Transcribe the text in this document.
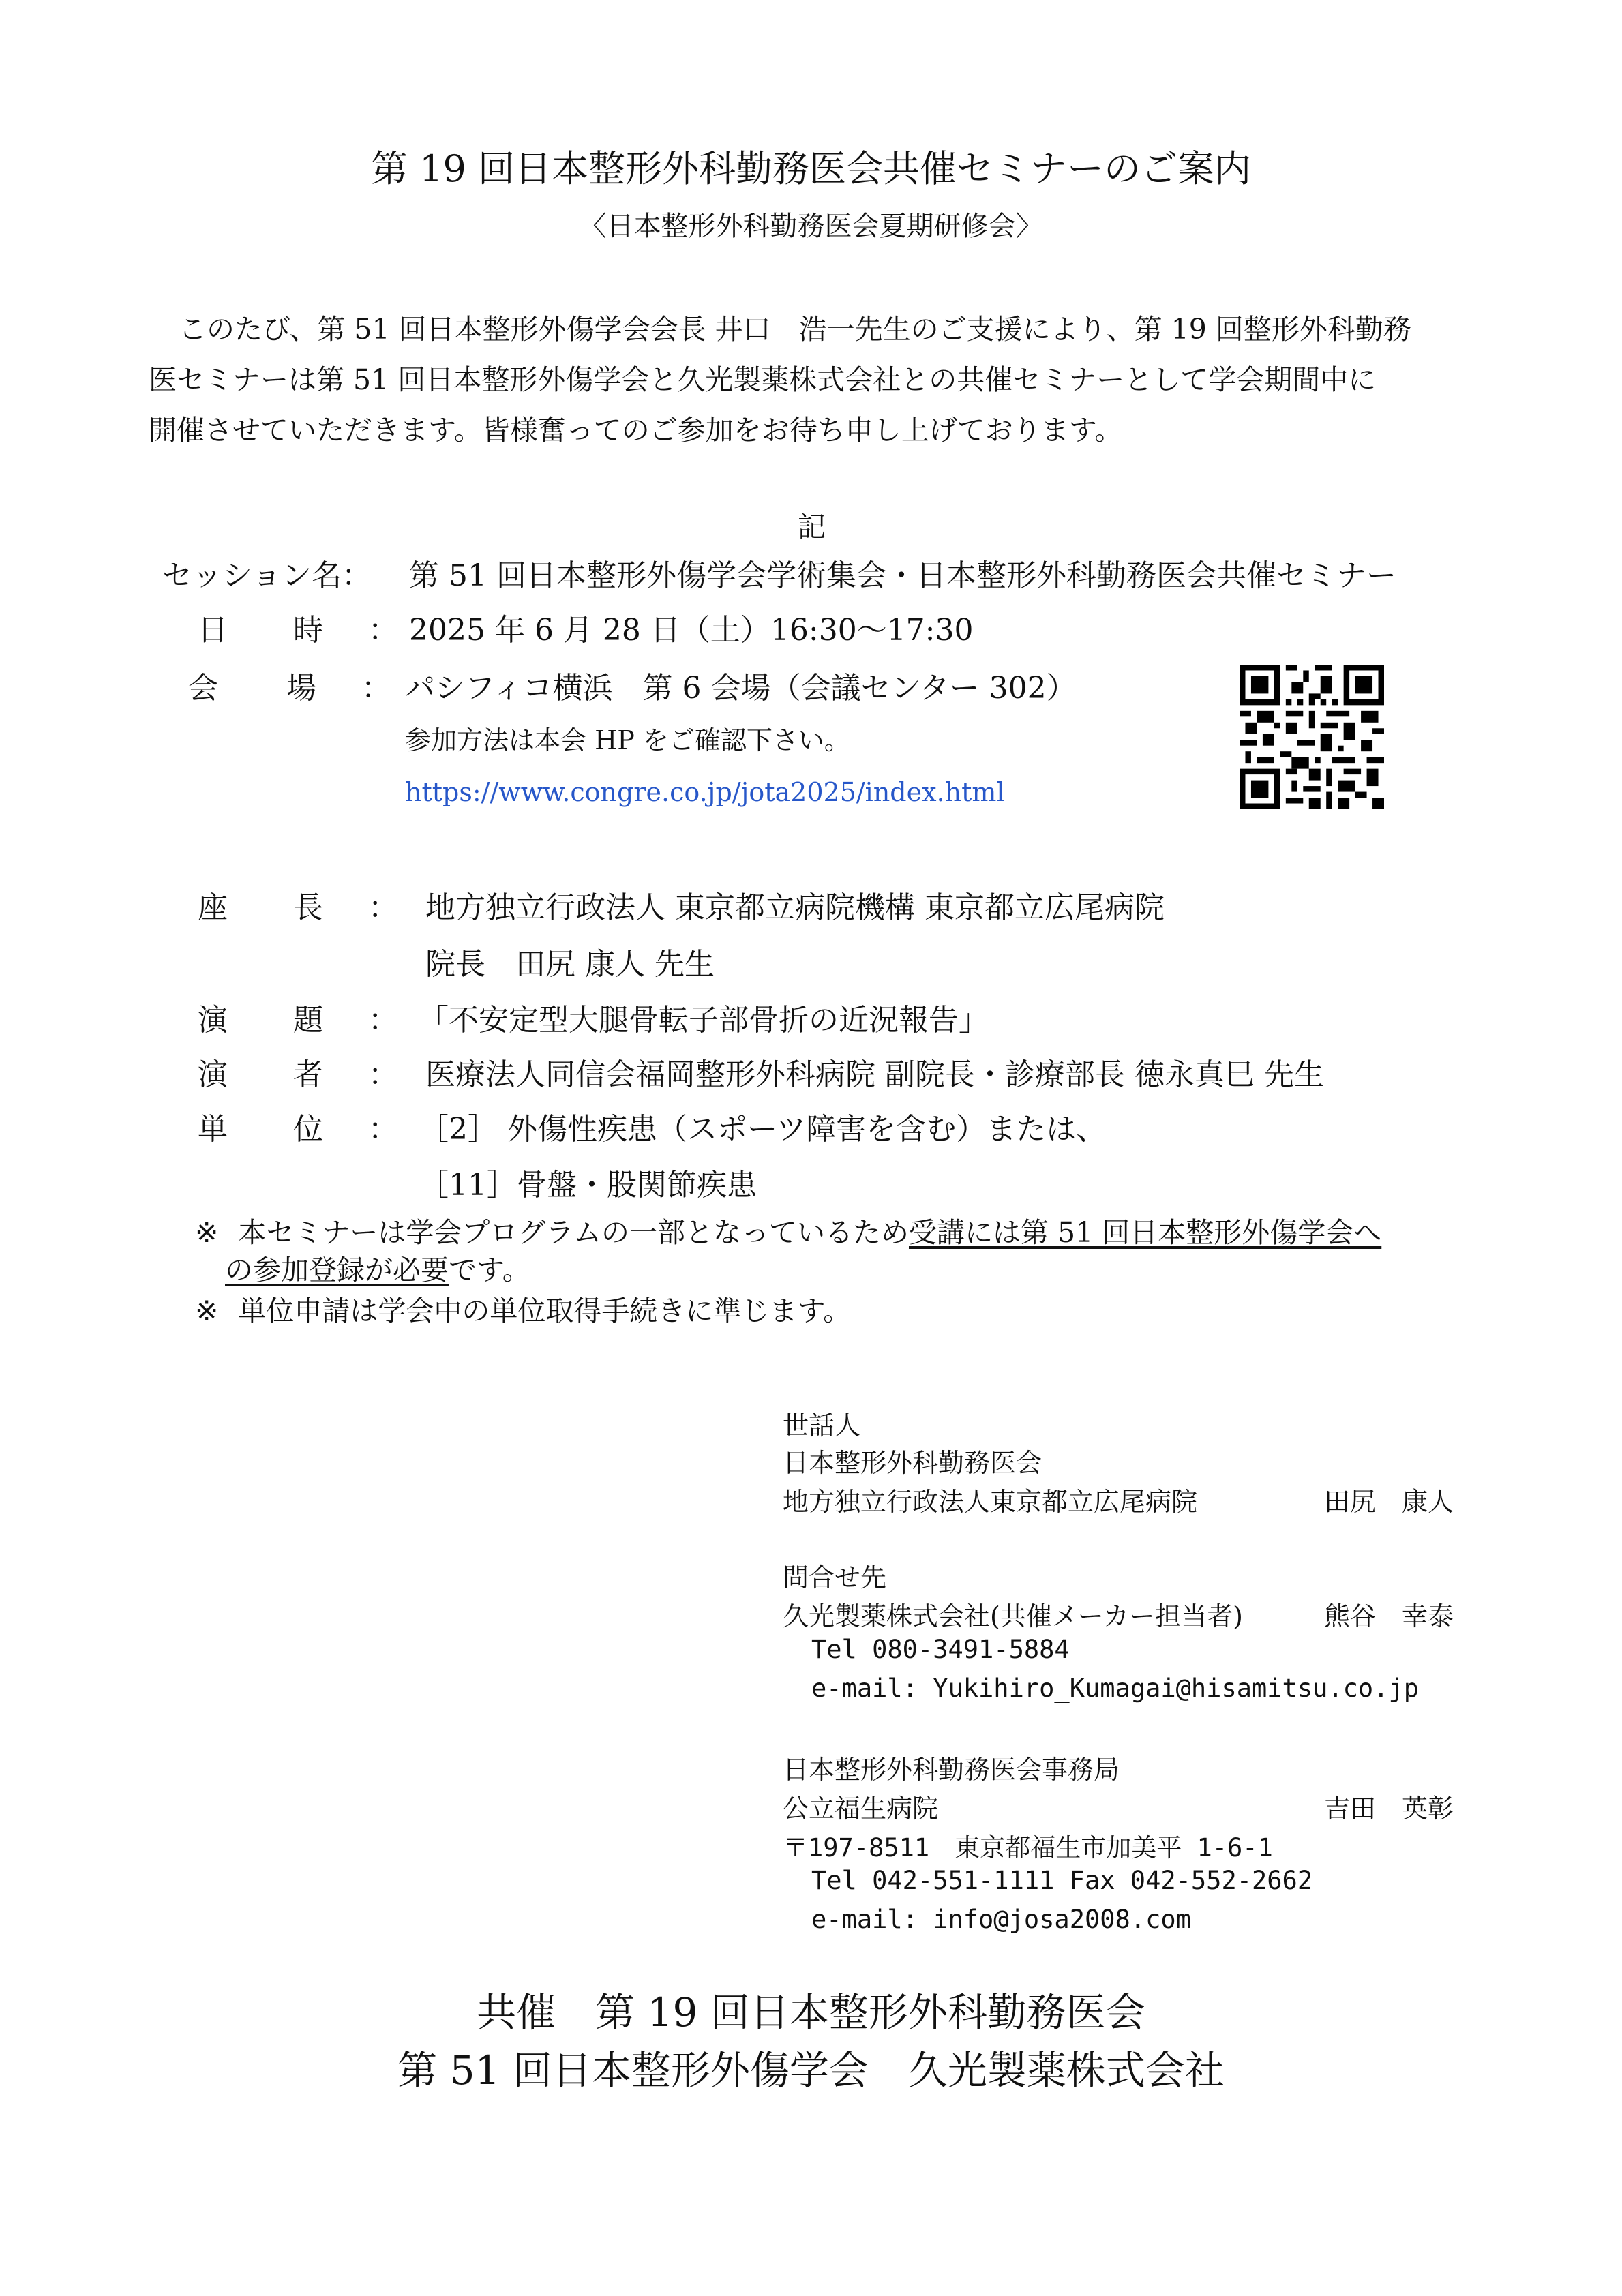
第 19 回日本整形外科勤務医会共催セミナーのご案内
〈日本整形外科勤務医会夏期研修会〉
このたび、第 51 回日本整形外傷学会会長 井口　浩一先生のご支援により、第 19 回整形外科勤務
医セミナーは第 51 回日本整形外傷学会と久光製薬株式会社との共催セミナーとして学会期間中に
開催させていただきます。皆様奮ってのご参加をお待ち申し上げております。
記
セッション名： 第 51 回日本整形外傷学会学術集会・日本整形外科勤務医会共催セミナー
日 時 ： 2025 年 6 月 28 日（土）16:30〜17:30
会 場 ： パシフィコ横浜　第 6 会場（会議センター 302）
参加方法は本会 HP をご確認下さい。
https://www.congre.co.jp/jota2025/index.html
座 長 ： 地方独立行政法人 東京都立病院機構 東京都立広尾病院
院長　田尻 康人 先生
演 題 ： 「不安定型大腿骨転子部骨折の近況報告」
演 者 ： 医療法人同信会福岡整形外科病院 副院長・診療部長 徳永真巳 先生
単 位 ： ［2］ 外傷性疾患（スポーツ障害を含む）または、
［11］骨盤・股関節疾患
※ 本セミナーは学会プログラムの一部となっているため受講には第 51 回日本整形外傷学会へ
の参加登録が必要です。
※ 単位申請は学会中の単位取得手続きに準じます。
世話人
日本整形外科勤務医会
地方独立行政法人東京都立広尾病院	田尻　康人
問合せ先
久光製薬株式会社(共催メーカー担当者)	熊谷　幸泰
Tel 080-3491-5884
e-mail: Yukihiro_Kumagai@hisamitsu.co.jp
日本整形外科勤務医会事務局
公立福生病院	吉田　英彰
〒197-8511　東京都福生市加美平 1-6-1
Tel 042-551-1111 Fax 042-552-2662
e-mail: info@josa2008.com
共催　第 19 回日本整形外科勤務医会
第 51 回日本整形外傷学会　久光製薬株式会社
